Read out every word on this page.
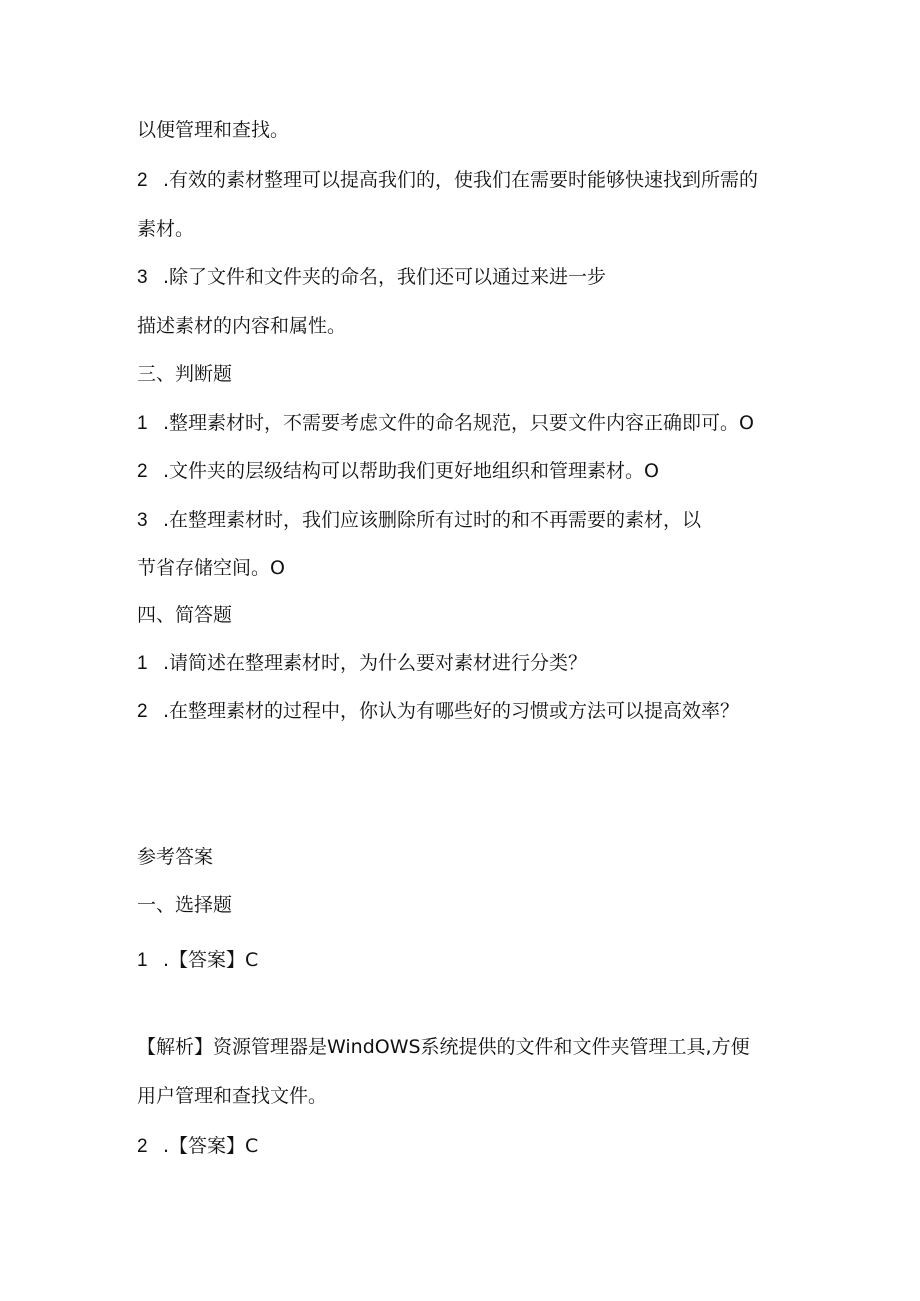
以便管理和查找。
2 .有效的素材整理可以提高我们的，使我们在需要时能够快速找到所需的
素材。
3 .除了文件和文件夹的命名，我们还可以通过来进一步
描述素材的内容和属性。
三、判断题
1 .整理素材时，不需要考虑文件的命名规范，只要文件内容正确即可。O
2 .文件夹的层级结构可以帮助我们更好地组织和管理素材。O
3 .在整理素材时，我们应该删除所有过时的和不再需要的素材，以
节省存储空间。O
四、简答题
1 .请简述在整理素材时，为什么要对素材进行分类？
2 .在整理素材的过程中，你认为有哪些好的习惯或方法可以提高效率？
参考答案
一、选择题
1 .【答案】C
【解析】资源管理器是WindOWS系统提供的文件和文件夹管理工具,方便
用户管理和查找文件。
2 .【答案】C
